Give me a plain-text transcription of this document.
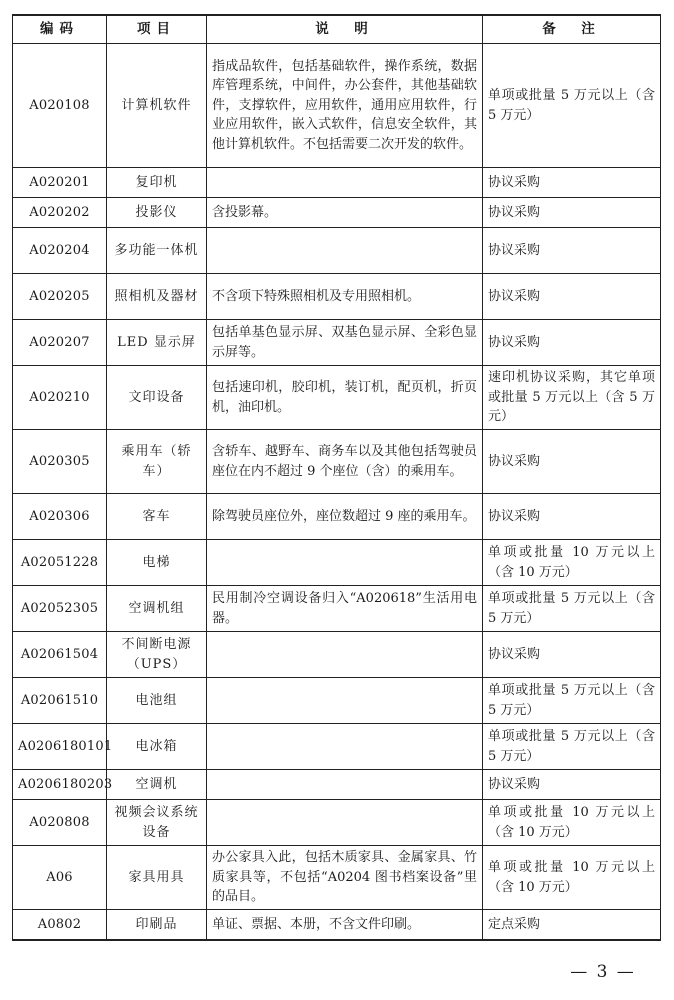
编码	项目	说　明	备　注
A020108	计算机软件	指成品软件，包括基础软件，操作系统，数据库管理系统，中间件，办公套件，其他基础软件，支撑软件，应用软件，通用应用软件，行业应用软件，嵌入式软件，信息安全软件，其他计算机软件。不包括需要二次开发的软件。	单项或批量 5 万元以上（含 5 万元）
A020201	复印机		协议采购
A020202	投影仪	含投影幕。	协议采购
A020204	多功能一体机		协议采购
A020205	照相机及器材	不含项下特殊照相机及专用照相机。	协议采购
A020207	LED 显示屏	包括单基色显示屏、双基色显示屏、全彩色显示屏等。	协议采购
A020210	文印设备	包括速印机，胶印机，装订机，配页机，折页机，油印机。	速印机协议采购，其它单项或批量 5 万元以上（含 5 万元）
A020305	乘用车（轿车）	含轿车、越野车、商务车以及其他包括驾驶员座位在内不超过 9 个座位（含）的乘用车。	协议采购
A020306	客车	除驾驶员座位外，座位数超过 9 座的乘用车。	协议采购
A02051228	电梯		单项或批量 10 万元以上（含 10 万元）
A02052305	空调机组	民用制冷空调设备归入“A020618”生活用电器。	单项或批量 5 万元以上（含 5 万元）
A02061504	不间断电源（UPS）		协议采购
A02061510	电池组		单项或批量 5 万元以上（含 5 万元）
A0206180101	电冰箱		单项或批量 5 万元以上（含 5 万元）
A0206180203	空调机		协议采购
A020808	视频会议系统设备		单项或批量 10 万元以上（含 10 万元）
A06	家具用具	办公家具入此，包括木质家具、金属家具、竹质家具等，不包括“A0204 图书档案设备”里的品目。	单项或批量 10 万元以上（含 10 万元）
A0802	印刷品	单证、票据、本册，不含文件印刷。	定点采购
— 3 —
